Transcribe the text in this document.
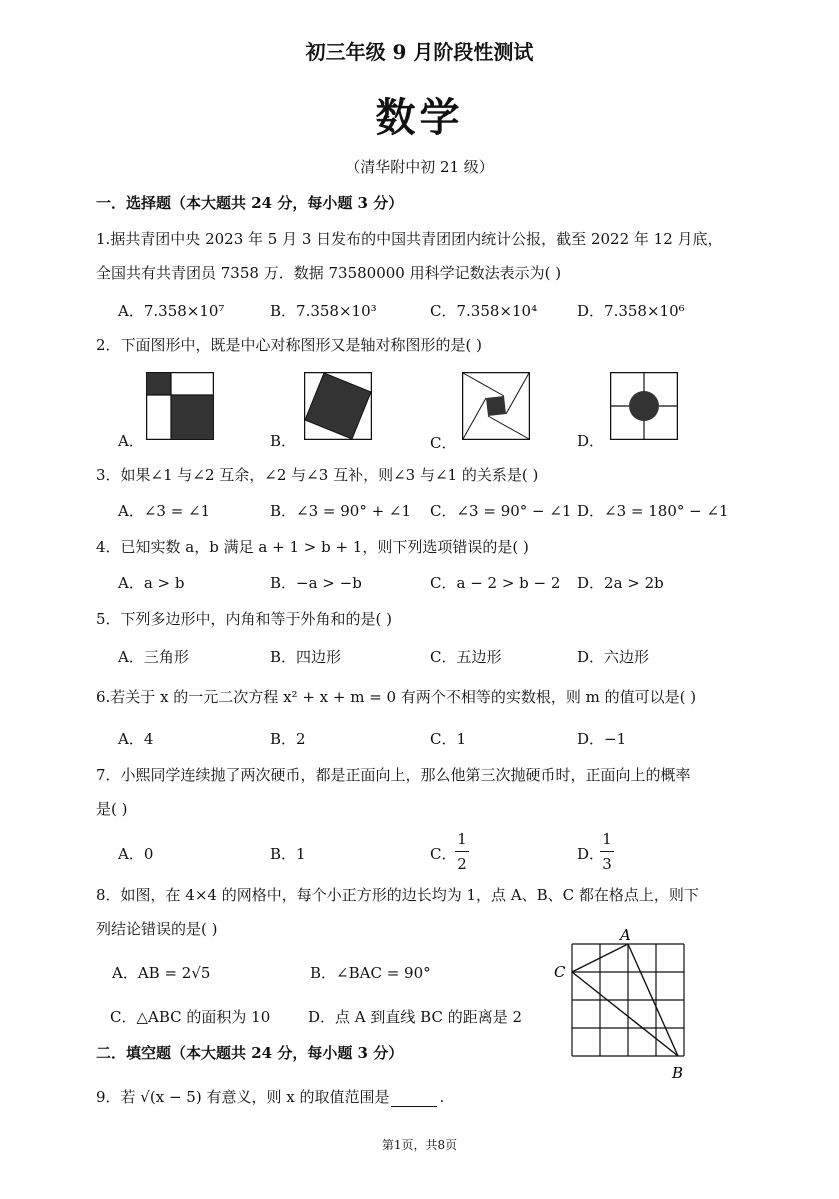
初三年级 9 月阶段性测试
数学
（清华附中初 21 级）
一．选择题（本大题共 24 分，每小题 3 分）
1.据共青团中央 2023 年 5 月 3 日发布的中国共青团团内统计公报，截至 2022 年 12 月底，
全国共有共青团员 7358 万．数据 73580000 用科学记数法表示为( )
A．7.358×10⁷	B．7.358×10³	C．7.358×10⁴	D．7.358×10⁶
2．下面图形中，既是中心对称图形又是轴对称图形的是( )
A．	B．	C．	D．
3．如果∠1 与∠2 互余，∠2 与∠3 互补，则∠3 与∠1 的关系是( )
A．∠3 = ∠1	B．∠3 = 90° + ∠1 C．∠3 = 90° − ∠1 D．∠3 = 180° − ∠1
4．已知实数 a，b 满足 a + 1 > b + 1，则下列选项错误的是( )
A．a > b	B．−a > −b	C．a − 2 > b − 2 D．2a > 2b
5．下列多边形中，内角和等于外角和的是( )
A．三角形	B．四边形	C．五边形	D．六边形
6.若关于 x 的一元二次方程 x² + x + m = 0 有两个不相等的实数根，则 m 的值可以是( )
A．4	B．2	C．1	D．−1
7．小熙同学连续抛了两次硬币，都是正面向上，那么他第三次抛硬币时，正面向上的概率
是( )
A．0	B．1	C．
1
2
D．
1
3
8．如图，在 4×4 的网格中，每个小正方形的边长均为 1，点 A、B、C 都在格点上，则下
列结论错误的是( )
A．AB = 2√5	B．∠BAC = 90°
C．△ABC 的面积为 10	D．点 A 到直线 BC 的距离是 2
A
C
B
二．填空题（本大题共 24 分，每小题 3 分）
9．若 √(x − 5) 有意义，则 x 的取值范围是	.
第1页，共8页
